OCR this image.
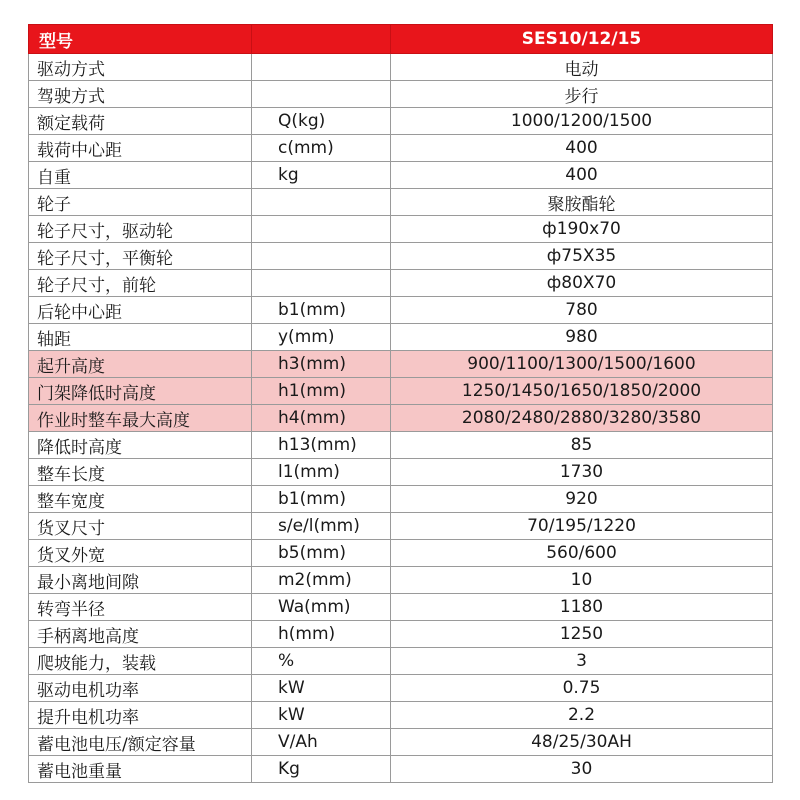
型号		SES10/12/15
驱动方式		电动
驾驶方式		步行
额定载荷	Q(kg)	1000/1200/1500
载荷中心距	c(mm)	400
自重	kg	400
轮子		聚胺酯轮
轮子尺寸，驱动轮		ф190x70
轮子尺寸，平衡轮		ф75X35
轮子尺寸，前轮		ф80X70
后轮中心距	b1(mm)	780
轴距	y(mm)	980
起升高度	h3(mm)	900/1100/1300/1500/1600
门架降低时高度	h1(mm)	1250/1450/1650/1850/2000
作业时整车最大高度	h4(mm)	2080/2480/2880/3280/3580
降低时高度	h13(mm)	85
整车长度	l1(mm)	1730
整车宽度	b1(mm)	920
货叉尺寸	s/e/l(mm)	70/195/1220
货叉外宽	b5(mm)	560/600
最小离地间隙	m2(mm)	10
转弯半径	Wa(mm)	1180
手柄离地高度	h(mm)	1250
爬坡能力，装载	%	3
驱动电机功率	kW	0.75
提升电机功率	kW	2.2
蓄电池电压/额定容量	V/Ah	48/25/30AH
蓄电池重量	Kg	30
